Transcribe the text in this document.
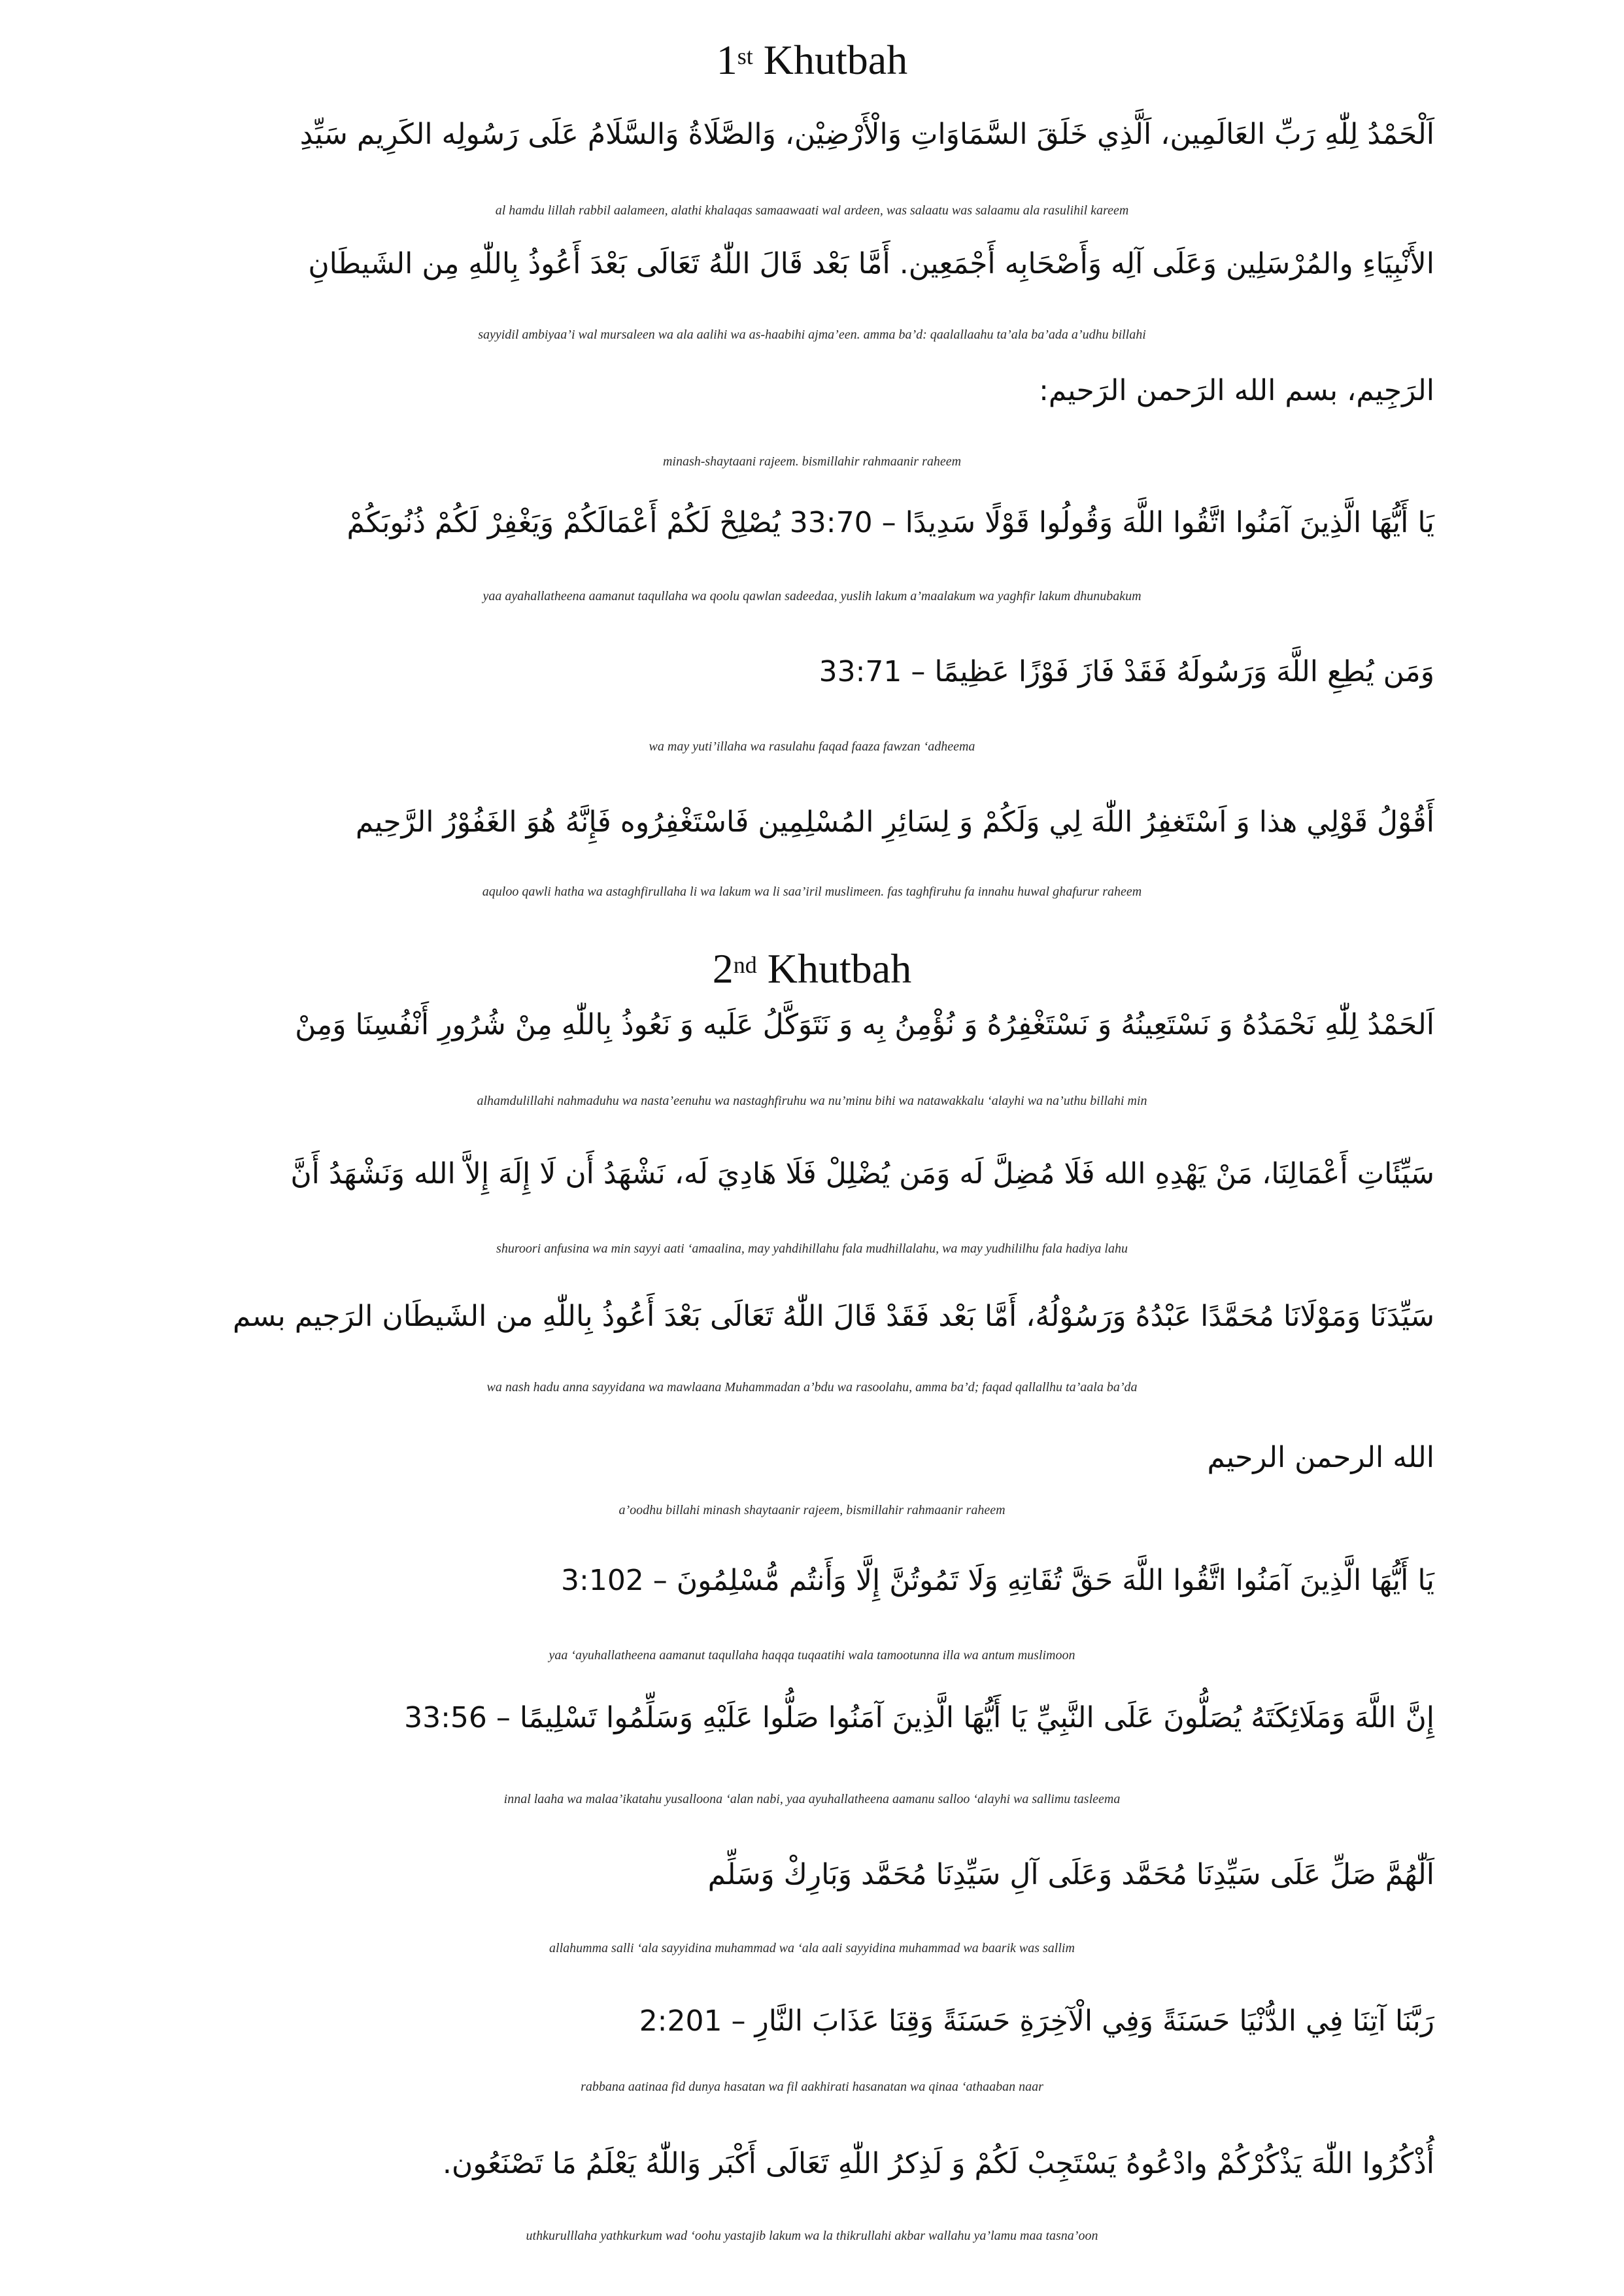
1st Khutbah
اَلْحَمْدُ لِلّٰهِ رَبِّ العَالَمِين، اَلَّذِي خَلَقَ السَّمَاوَاتِ وَالْأَرْضِيْن، وَالصَّلَاةُ وَالسَّلَامُ عَلَى رَسُولِه الكَرِيم سَيِّدِ
al hamdu lillah rabbil aalameen, alathi khalaqas samaawaati wal ardeen, was salaatu was salaamu ala rasulihil kareem
الأَنْبِيَاءِ والمُرْسَلِين وَعَلَى آلِه وَأَصْحَابِه أَجْمَعِين. أَمَّا بَعْد قَالَ اللّٰهُ تَعَالَى بَعْدَ أَعُوذُ بِاللّٰهِ مِن الشَيطَانِ
sayyidil ambiyaa’i wal mursaleen wa ala aalihi wa as-haabihi ajma’een. amma ba’d: qaalallaahu ta’ala ba’ada a’udhu billahi
الرَجِيم، بسم الله الرَحمن الرَحيم:
minash-shaytaani rajeem. bismillahir rahmaanir raheem
يَا أَيُّهَا الَّذِينَ آمَنُوا اتَّقُوا اللَّهَ وَقُولُوا قَوْلًا سَدِيدًا – 33:70 يُصْلِحْ لَكُمْ أَعْمَالَكُمْ وَيَغْفِرْ لَكُمْ ذُنُوبَكُمْ
yaa ayahallatheena aamanut taqullaha wa qoolu qawlan sadeedaa, yuslih lakum a’maalakum wa yaghfir lakum dhunubakum
وَمَن يُطِعِ اللَّهَ وَرَسُولَهُ فَقَدْ فَازَ فَوْزًا عَظِيمًا – 33:71
wa may yuti’illaha wa rasulahu faqad faaza fawzan ‘adheema
أَقُوْلُ قَوْلِي هذا وَ اَسْتَغفِرُ اللّٰهَ لِي وَلَكُمْ وَ لِسَائِرِ المُسْلِمِين فَاسْتَغْفِرُوه فَإِنَّهُ هُوَ الغَفُوْرُ الرَّحِيم
aquloo qawli hatha wa astaghfirullaha li wa lakum wa li saa’iril muslimeen. fas taghfiruhu fa innahu huwal ghafurur raheem
2nd Khutbah
اَلحَمْدُ لِلّٰهِ نَحْمَدُهُ وَ نَسْتَعِينُهُ وَ نَسْتَغْفِرُهُ وَ نُؤْمِنُ بِه وَ نَتَوَكَّلُ عَلَيه وَ نَعُوذُ بِاللّٰهِ مِنْ شُرُورِ أَنْفُسِنَا وَمِنْ
alhamdulillahi nahmaduhu wa nasta’eenuhu wa nastaghfiruhu wa nu’minu bihi wa natawakkalu ‘alayhi wa na’uthu billahi min
سَيِّئَاتِ أَعْمَالِنَا، مَنْ يَهْدِهِ الله فَلَا مُضِلَّ لَه وَمَن يُضْلِلْ فَلَا هَادِيَ لَه، نَشْهَدُ أَن لَا إِلَهَ إِلاَّ الله وَنَشْهَدُ أَنَّ
shuroori anfusina wa min sayyi aati ‘amaalina, may yahdihillahu fala mudhillalahu, wa may yudhililhu fala hadiya lahu
سَيِّدَنَا وَمَوْلَانَا مُحَمَّدًا عَبْدُهُ وَرَسُوْلُهُ، أَمَّا بَعْد فَقَدْ قَالَ اللّٰهُ تَعَالَى بَعْدَ أَعُوذُ بِاللّٰهِ من الشَيطَان الرَجيم بسم
wa nash hadu anna sayyidana wa mawlaana Muhammadan a’bdu wa rasoolahu, amma ba’d; faqad qallallhu ta’aala ba’da
الله الرحمن الرحيم
a’oodhu billahi minash shaytaanir rajeem, bismillahir rahmaanir raheem
يَا أَيُّهَا الَّذِينَ آمَنُوا اتَّقُوا اللَّهَ حَقَّ تُقَاتِهِ وَلَا تَمُوتُنَّ إِلَّا وَأَنتُم مُّسْلِمُونَ – 3:102
yaa ‘ayuhallatheena aamanut taqullaha haqqa tuqaatihi wala tamootunna illa wa antum muslimoon
إِنَّ اللَّهَ وَمَلَائِكَتَهُ يُصَلُّونَ عَلَى النَّبِيِّ يَا أَيُّهَا الَّذِينَ آمَنُوا صَلُّوا عَلَيْهِ وَسَلِّمُوا تَسْلِيمًا – 33:56
innal laaha wa malaa’ikatahu yusalloona ‘alan nabi, yaa ayuhallatheena aamanu salloo ‘alayhi wa sallimu tasleema
اَلّٰهُمَّ صَلِّ عَلَى سَيِّدِنَا مُحَمَّد وَعَلَى آلِ سَيِّدِنَا مُحَمَّد وَبَارِكْ وَسَلِّم
allahumma salli ‘ala sayyidina muhammad wa ‘ala aali sayyidina muhammad wa baarik was sallim
رَبَّنَا آتِنَا فِي الدُّنْيَا حَسَنَةً وَفِي الْآخِرَةِ حَسَنَةً وَقِنَا عَذَابَ النَّارِ – 2:201
rabbana aatinaa fid dunya hasatan wa fil aakhirati hasanatan wa qinaa ‘athaaban naar
أُذْكُرُوا اللّٰهَ يَذْكُرْكُمْ وادْعُوهُ يَسْتَجِبْ لَكُمْ وَ لَذِكرُ اللّٰهِ تَعَالَى أَكْبَر وَاللّٰهُ يَعْلَمُ مَا تَصْنَعُون.
uthkurulllaha yathkurkum wad ‘oohu yastajib lakum wa la thikrullahi akbar wallahu ya’lamu maa tasna’oon
